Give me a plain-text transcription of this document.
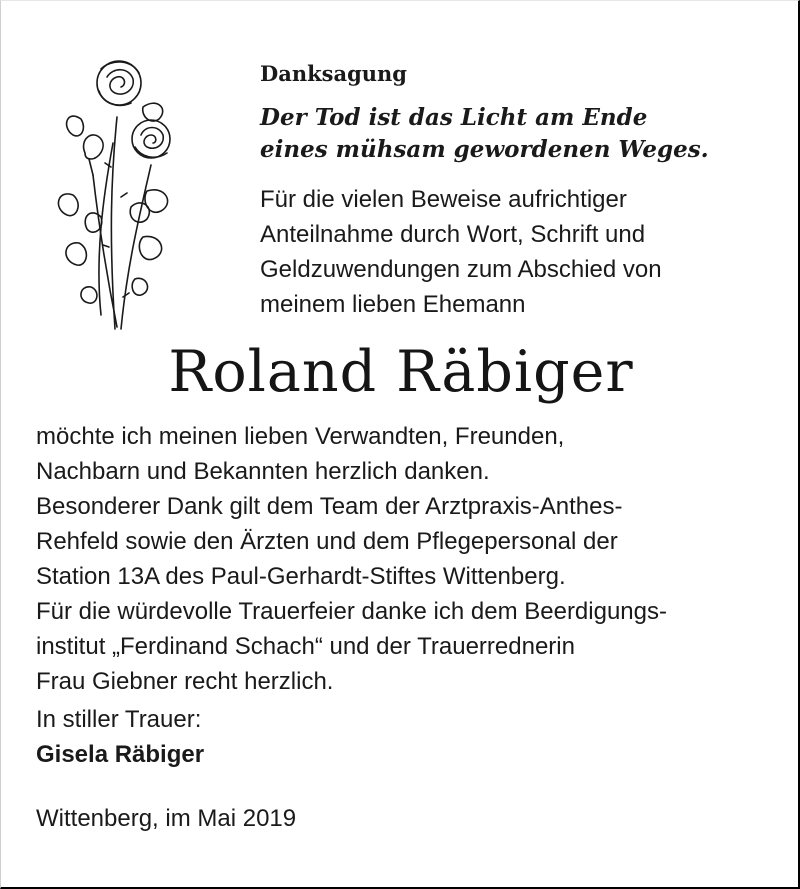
Danksagung
Der Tod ist das Licht am Ende
eines mühsam gewordenen Weges.
Für die vielen Beweise aufrichtiger
Anteilnahme durch Wort, Schrift und
Geldzuwendungen zum Abschied von
meinem lieben Ehemann
Roland Räbiger
möchte ich meinen lieben Verwandten, Freunden,
Nachbarn und Bekannten herzlich danken.
Besonderer Dank gilt dem Team der Arztpraxis-Anthes-
Rehfeld sowie den Ärzten und dem Pflegepersonal der
Station 13A des Paul-Gerhardt-Stiftes Wittenberg.
Für die würdevolle Trauerfeier danke ich dem Beerdigungs-
institut „Ferdinand Schach“ und der Trauerrednerin
Frau Giebner recht herzlich.
In stiller Trauer:
Gisela Räbiger
Wittenberg, im Mai 2019
